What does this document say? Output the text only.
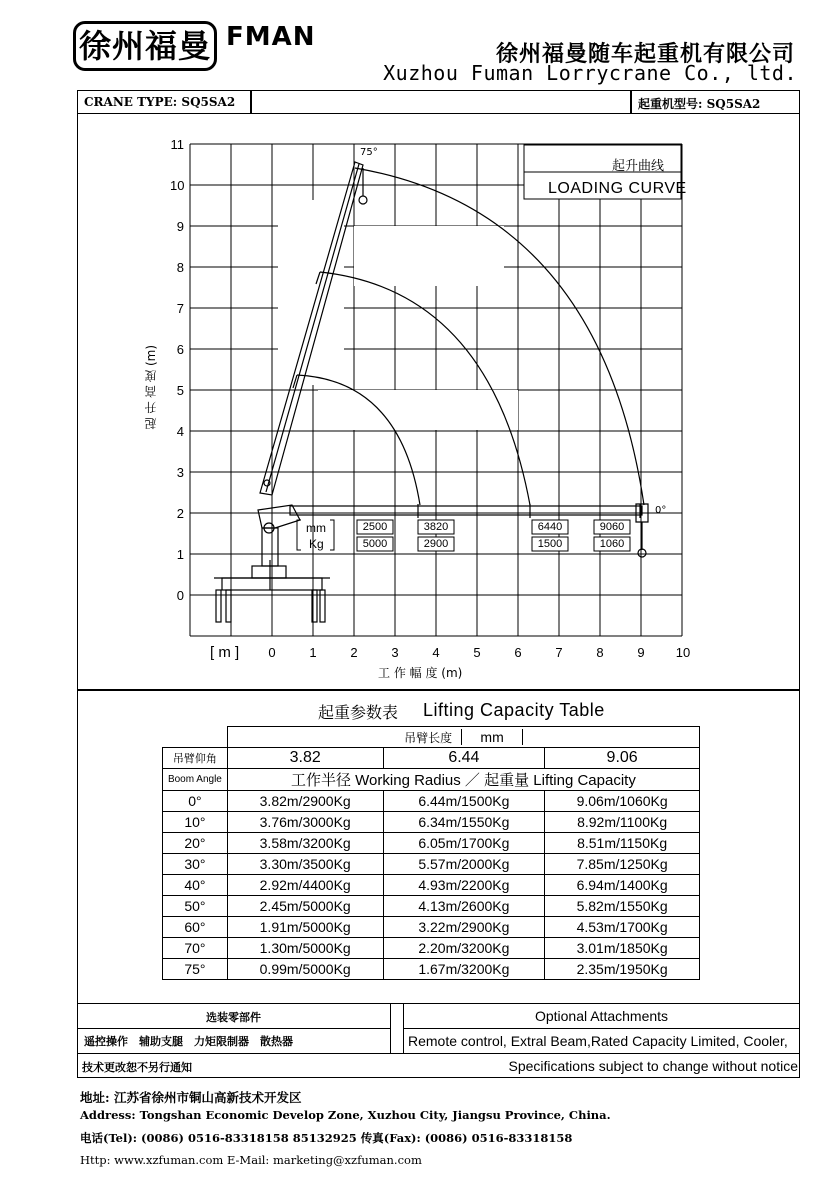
徐州福曼 FMAN
徐州福曼随车起重机有限公司
Xuzhou Fuman Lorrycrane Co., ltd.
CRANE TYPE: SQ5SA2	起重机型号: SQ5SA2
起升曲线
LOADING CURVE
75°
0°
mm
Kg
2500
5000
3820
2900
6440
1500
9060
1060
11
10
9
8
7
6
5
4
3
2
1
0
起 升 高 度 (m)
[ m ] 0	1	2	3	4	5	6	7	8	9 10
工 作 幅 度 (m)
起重参数表 Lifting Capacity Table
	吊臂长度 mm		
吊臂仰角	3.82	6.44	9.06
Boom Angle	工作半径 Working Radius ／ 起重量 Lifting Capacity		
0°	3.82m/2900Kg	6.44m/1500Kg	9.06m/1060Kg
10°	3.76m/3000Kg	6.34m/1550Kg	8.92m/1100Kg
20°	3.58m/3200Kg	6.05m/1700Kg	8.51m/1150Kg
30°	3.30m/3500Kg	5.57m/2000Kg	7.85m/1250Kg
40°	2.92m/4400Kg	4.93m/2200Kg	6.94m/1400Kg
50°	2.45m/5000Kg	4.13m/2600Kg	5.82m/1550Kg
60°	1.91m/5000Kg	3.22m/2900Kg	4.53m/1700Kg
70°	1.30m/5000Kg	2.20m/3200Kg	3.01m/1850Kg
75°	0.99m/5000Kg	1.67m/3200Kg	2.35m/1950Kg
选装零部件	Optional Attachments
遥控操作　辅助支腿　力矩限制器　散热器	Remote control, Extral Beam,Rated Capacity Limited, Cooler,
技术更改恕不另行通知	Specifications subject to change without notice
地址: 江苏省徐州市铜山高新技术开发区
Address: Tongshan Economic Develop Zone, Xuzhou City, Jiangsu Province, China.
电话(Tel): (0086) 0516-83318158 85132925 传真(Fax): (0086) 0516-83318158
Http: www.xzfuman.com E-Mail: marketing@xzfuman.com
